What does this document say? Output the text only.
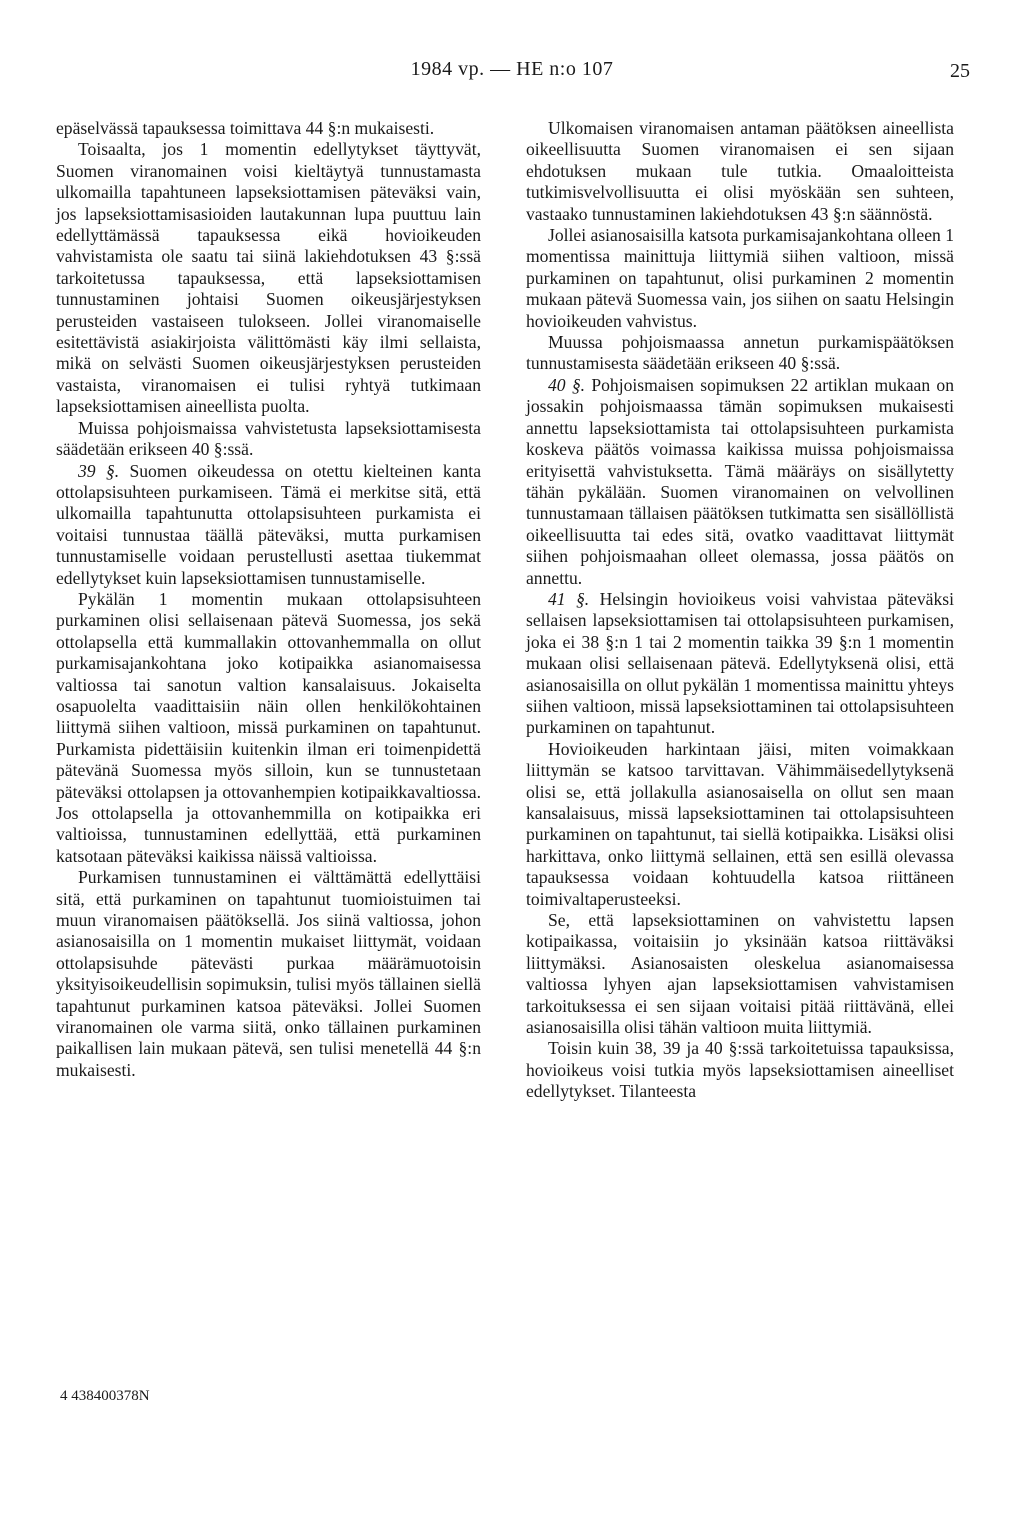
1984 vp. — HE n:o 107	25

epäselvässä tapauksessa toimittava 44 §:n mukaisesti.

Toisaalta, jos 1 momentin edellytykset täyttyvät, Suomen viranomainen voisi kieltäytyä tunnustamasta ulkomailla tapahtuneen lapseksiottamisen päteväksi vain, jos lapseksiottamisasioiden lautakunnan lupa puuttuu lain edellyttämässä tapauksessa eikä hovioikeuden vahvistamista ole saatu tai siinä lakiehdotuksen 43 §:ssä tarkoitetussa tapauksessa, että lapseksiottamisen tunnustaminen johtaisi Suomen oikeusjärjestyksen perusteiden vastaiseen tulokseen. Jollei viranomaiselle esitettävistä asiakirjoista välittömästi käy ilmi sellaista, mikä on selvästi Suomen oikeusjärjestyksen perusteiden vastaista, viranomaisen ei tulisi ryhtyä tutkimaan lapseksiottamisen aineellista puolta.

Muissa pohjoismaissa vahvistetusta lapseksiottamisesta säädetään erikseen 40 §:ssä.

39 §. Suomen oikeudessa on otettu kielteinen kanta ottolapsisuhteen purkamiseen. Tämä ei merkitse sitä, että ulkomailla tapahtunutta ottolapsisuhteen purkamista ei voitaisi tunnustaa täällä päteväksi, mutta purkamisen tunnustamiselle voidaan perustellusti asettaa tiukemmat edellytykset kuin lapseksiottamisen tunnustamiselle.

Pykälän 1 momentin mukaan ottolapsisuhteen purkaminen olisi sellaisenaan pätevä Suomessa, jos sekä ottolapsella että kummallakin ottovanhemmalla on ollut purkamisajankohtana joko kotipaikka asianomaisessa valtiossa tai sanotun valtion kansalaisuus. Jokaiselta osapuolelta vaadittaisiin näin ollen henkilökohtainen liittymä siihen valtioon, missä purkaminen on tapahtunut. Purkamista pidettäisiin kuitenkin ilman eri toimenpidettä pätevänä Suomessa myös silloin, kun se tunnustetaan päteväksi ottolapsen ja ottovanhempien kotipaikkavaltiossa. Jos ottolapsella ja ottovanhemmilla on kotipaikka eri valtioissa, tunnustaminen edellyttää, että purkaminen katsotaan päteväksi kaikissa näissä valtioissa.

Purkamisen tunnustaminen ei välttämättä edellyttäisi sitä, että purkaminen on tapahtunut tuomioistuimen tai muun viranomaisen päätöksellä. Jos siinä valtiossa, johon asianosaisilla on 1 momentin mukaiset liittymät, voidaan ottolapsisuhde pätevästi purkaa määrämuotoisin yksityisoikeudellisin sopimuksin, tulisi myös tällainen siellä tapahtunut purkaminen katsoa päteväksi. Jollei Suomen viranomainen ole varma siitä, onko tällainen purkaminen paikallisen lain mukaan pätevä, sen tulisi menetellä 44 §:n mukaisesti.

Ulkomaisen viranomaisen antaman päätöksen aineellista oikeellisuutta Suomen viranomaisen ei sen sijaan ehdotuksen mukaan tule tutkia. Omaaloitteista tutkimisvelvollisuutta ei olisi myöskään sen suhteen, vastaako tunnustaminen lakiehdotuksen 43 §:n säännöstä.

Jollei asianosaisilla katsota purkamisajankohtana olleen 1 momentissa mainittuja liittymiä siihen valtioon, missä purkaminen on tapahtunut, olisi purkaminen 2 momentin mukaan pätevä Suomessa vain, jos siihen on saatu Helsingin hovioikeuden vahvistus.

Muussa pohjoismaassa annetun purkamispäätöksen tunnustamisesta säädetään erikseen 40 §:ssä.

40 §. Pohjoismaisen sopimuksen 22 artiklan mukaan on jossakin pohjoismaassa tämän sopimuksen mukaisesti annettu lapseksiottamista tai ottolapsisuhteen purkamista koskeva päätös voimassa kaikissa muissa pohjoismaissa erityisettä vahvistuksetta. Tämä määräys on sisällytetty tähän pykälään. Suomen viranomainen on velvollinen tunnustamaan tällaisen päätöksen tutkimatta sen sisällöllistä oikeellisuutta tai edes sitä, ovatko vaadittavat liittymät siihen pohjoismaahan olleet olemassa, jossa päätös on annettu.

41 §. Helsingin hovioikeus voisi vahvistaa päteväksi sellaisen lapseksiottamisen tai ottolapsisuhteen purkamisen, joka ei 38 §:n 1 tai 2 momentin taikka 39 §:n 1 momentin mukaan olisi sellaisenaan pätevä. Edellytyksenä olisi, että asianosaisilla on ollut pykälän 1 momentissa mainittu yhteys siihen valtioon, missä lapseksiottaminen tai ottolapsisuhteen purkaminen on tapahtunut.

Hovioikeuden harkintaan jäisi, miten voimakkaan liittymän se katsoo tarvittavan. Vähimmäisedellytyksenä olisi se, että jollakulla asianosaisella on ollut sen maan kansalaisuus, missä lapseksiottaminen tai ottolapsisuhteen purkaminen on tapahtunut, tai siellä kotipaikka. Lisäksi olisi harkittava, onko liittymä sellainen, että sen esillä olevassa tapauksessa voidaan kohtuudella katsoa riittäneen toimivaltaperusteeksi.

Se, että lapseksiottaminen on vahvistettu lapsen kotipaikassa, voitaisiin jo yksinään katsoa riittäväksi liittymäksi. Asianosaisten oleskelua asianomaisessa valtiossa lyhyen ajan lapseksiottamisen vahvistamisen tarkoituksessa ei sen sijaan voitaisi pitää riittävänä, ellei asianosaisilla olisi tähän valtioon muita liittymiä.

Toisin kuin 38, 39 ja 40 §:ssä tarkoitetuissa tapauksissa, hovioikeus voisi tutkia myös lapseksiottamisen aineelliset edellytykset. Tilanteesta

4 438400378N
